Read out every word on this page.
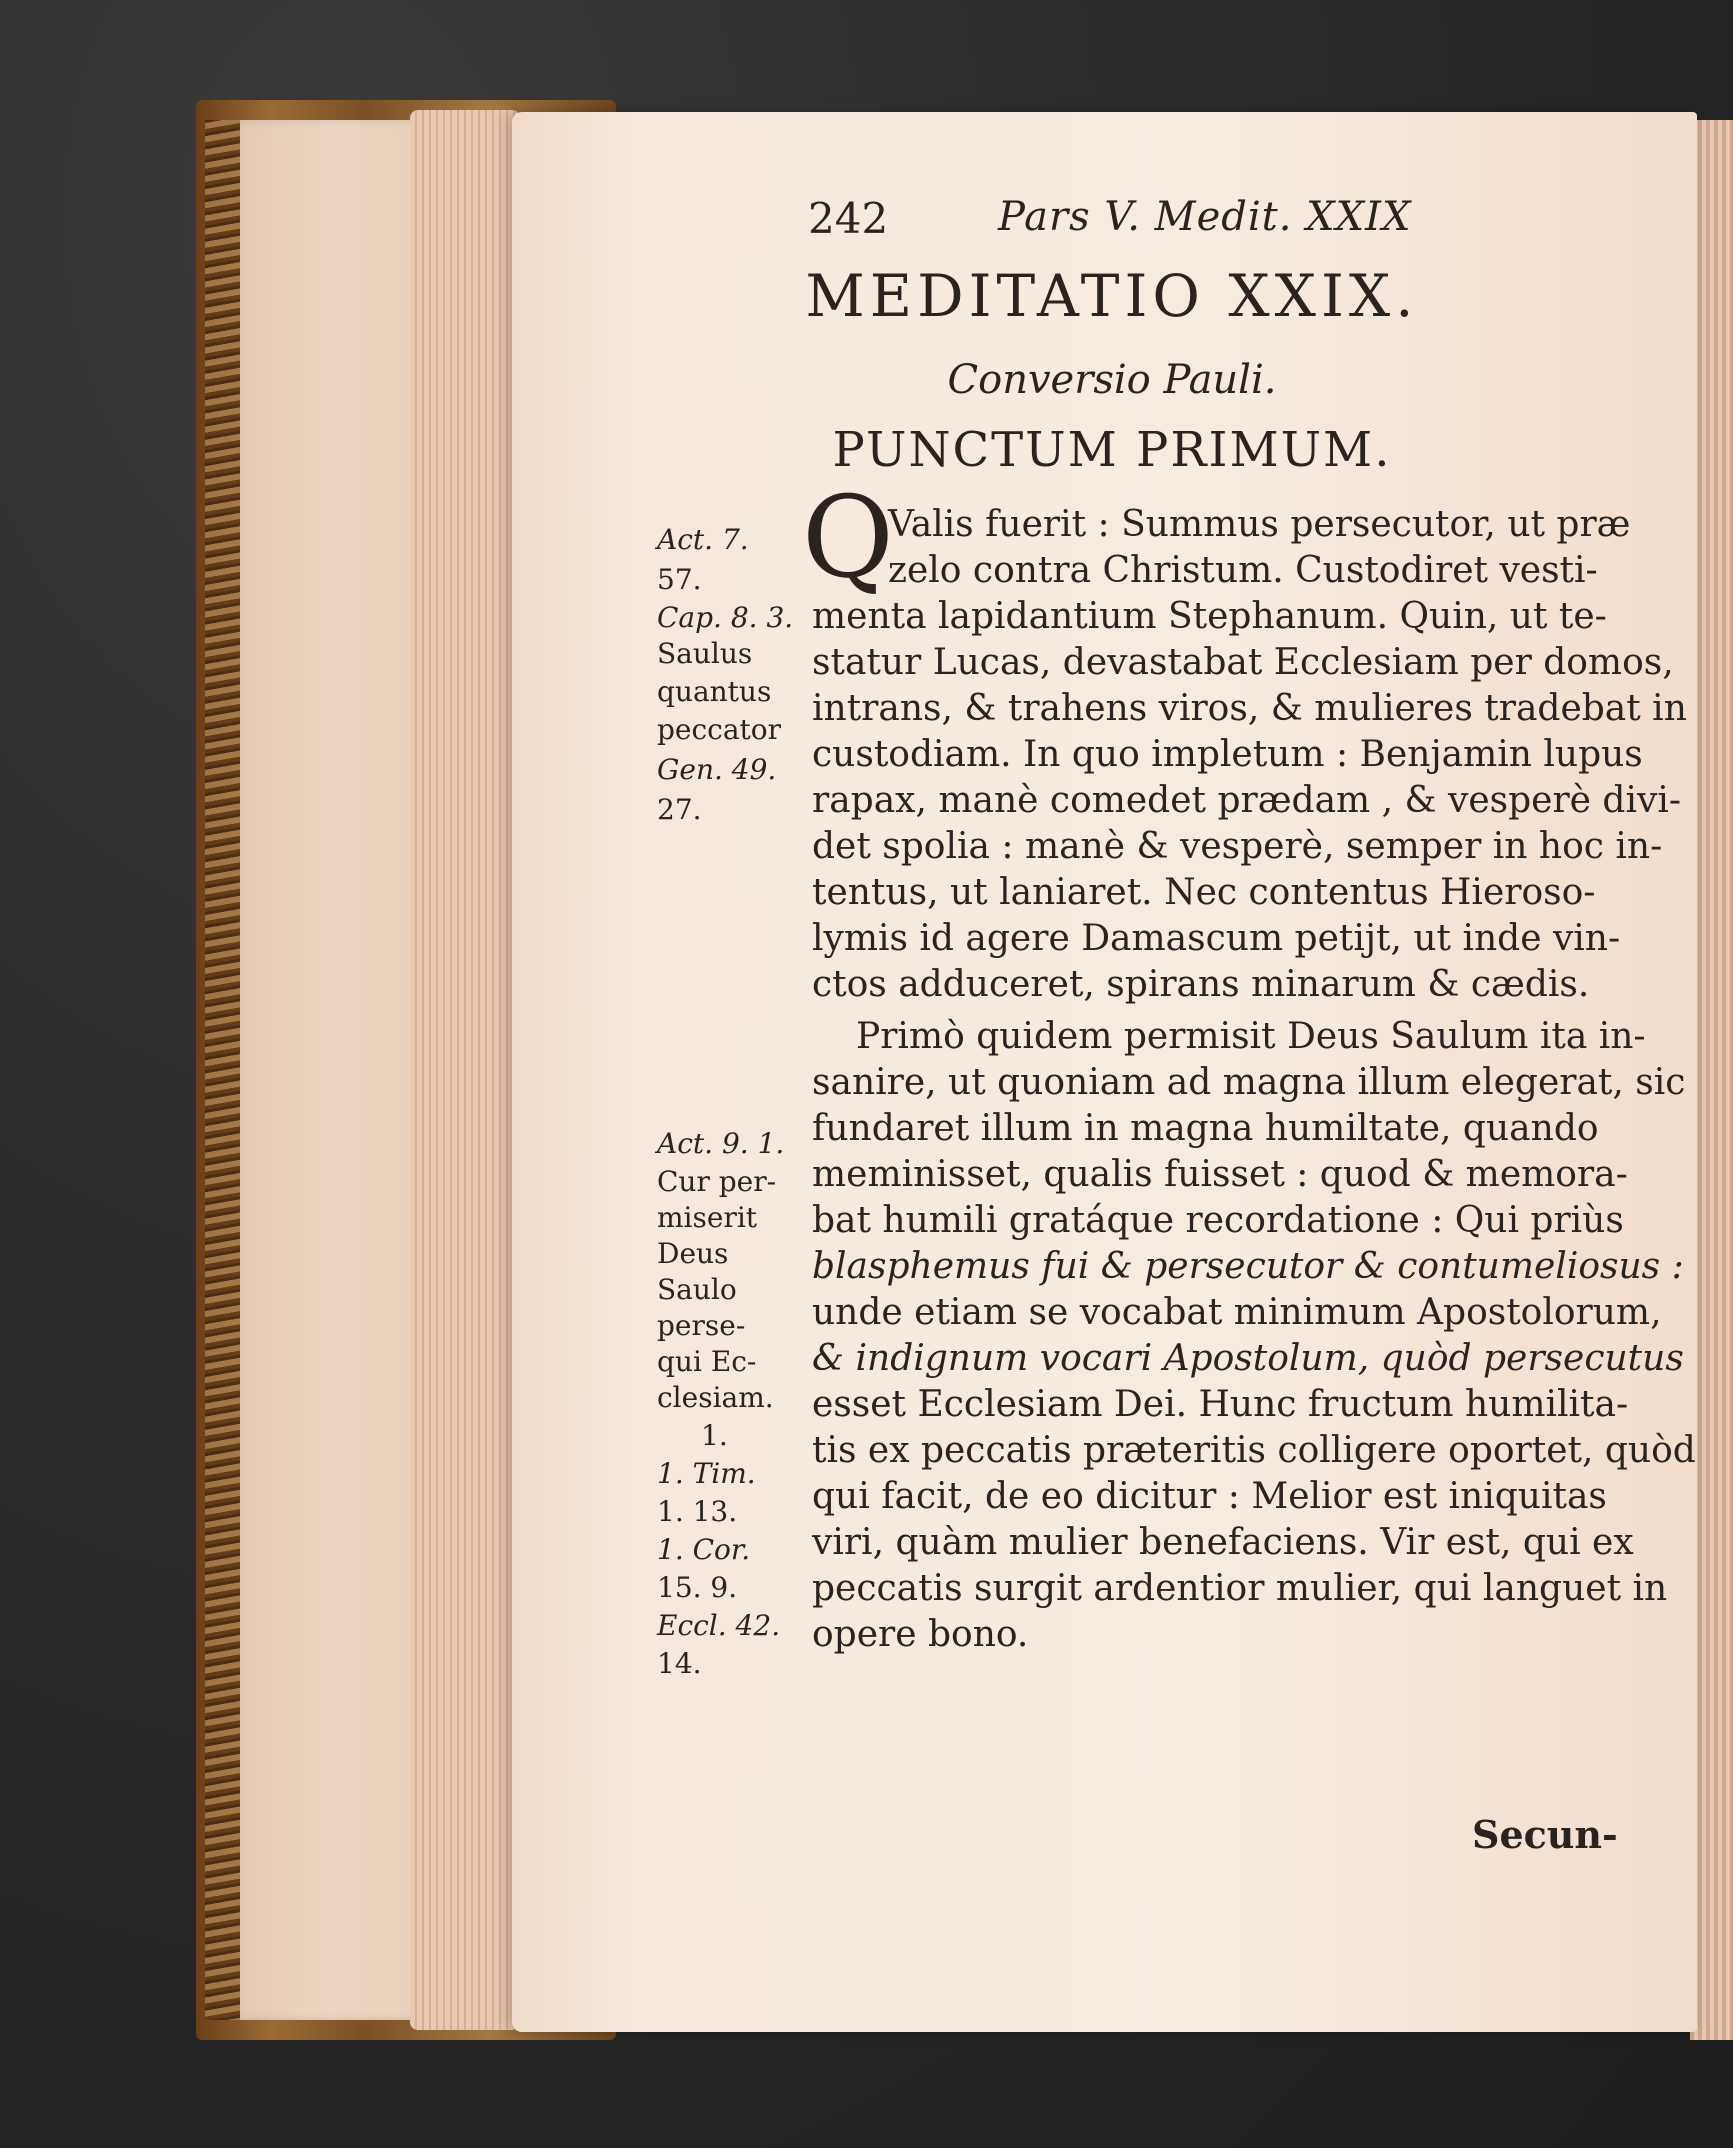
242	Pars V. Medit. XXIX
MEDITATIO XXIX.
Conversio Pauli.
PUNCTUM PRIMUM.
Act. 7.
57.
Cap. 8. 3.
Saulus
quantus
peccator
Gen. 49.
27.
Act. 9. 1.
Cur per-
miserit
Deus
Saulo
perse-
qui Ec-
clesiam.
1.
1. Tim.
1. 13.
1. Cor.
15. 9.
Eccl. 42.
14.
Q
Valis fuerit : Summus persecutor, ut præ
zelo contra Christum. Custodiret vesti-
menta lapidantium Stephanum. Quin, ut te-
statur Lucas, devastabat Ecclesiam per domos,
intrans, & trahens viros, & mulieres tradebat in
custodiam. In quo impletum : Benjamin lupus
rapax, manè comedet prædam , & vesperè divi-
det spolia : manè & vesperè, semper in hoc in-
tentus, ut laniaret. Nec contentus Hieroso-
lymis id agere Damascum petijt, ut inde vin-
ctos adduceret, spirans minarum & cædis.
Primò quidem permisit Deus Saulum ita in-
sanire, ut quoniam ad magna illum elegerat, sic
fundaret illum in magna humiltate, quando
meminisset, qualis fuisset : quod & memora-
bat humili gratáque recordatione : Qui priùs
blasphemus fui & persecutor & contumeliosus :
unde etiam se vocabat minimum Apostolorum,
& indignum vocari Apostolum, quòd persecutus
esset Ecclesiam Dei. Hunc fructum humilita-
tis ex peccatis præteritis colligere oportet, quòd
qui facit, de eo dicitur : Melior est iniquitas
viri, quàm mulier benefaciens. Vir est, qui ex
peccatis surgit ardentior mulier, qui languet in
opere bono.
Secun-
